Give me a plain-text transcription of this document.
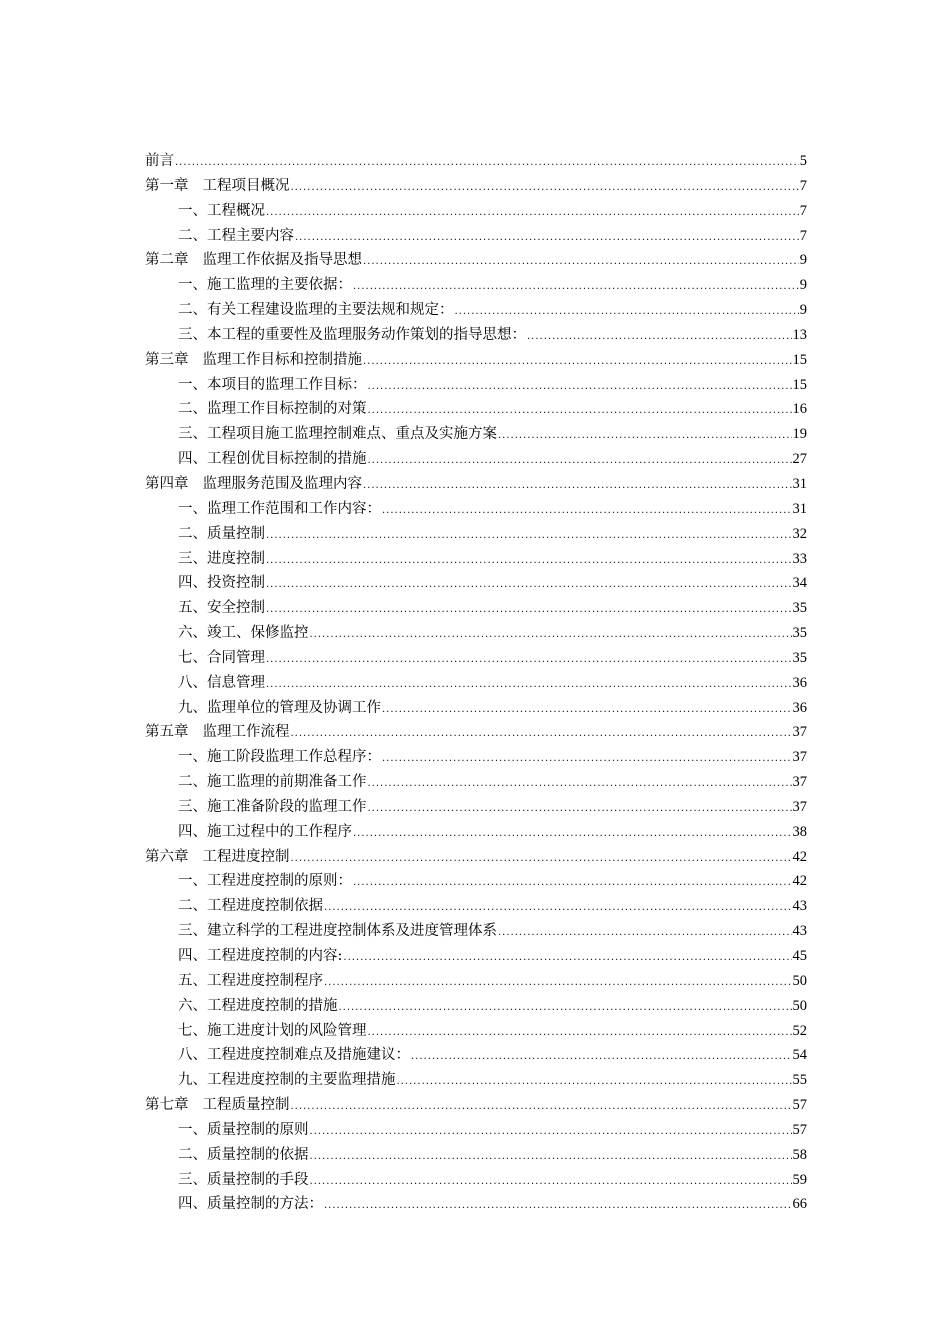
前言 .....	5
第一章 工程项目概况 .....	7
一、工程概况 .....	7
二、工程主要内容 .....	7
第二章 监理工作依据及指导思想 .....	9
一、施工监理的主要依据： .....	9
二、有关工程建设监理的主要法规和规定： .....	9
三、本工程的重要性及监理服务动作策划的指导思想： .....	13
第三章 监理工作目标和控制措施 .....	15
一、本项目的监理工作目标： .....	15
二、监理工作目标控制的对策 .....	16
三、工程项目施工监理控制难点、重点及实施方案 .....	19
四、工程创优目标控制的措施 .....	27
第四章 监理服务范围及监理内容 .....	31
一、监理工作范围和工作内容： .....	31
二、质量控制 .....	32
三、进度控制 .....	33
四、投资控制 .....	34
五、安全控制 .....	35
六、竣工、保修监控 .....	35
七、合同管理 .....	35
八、信息管理 .....	36
九、监理单位的管理及协调工作 .....	36
第五章 监理工作流程 .....	37
一、施工阶段监理工作总程序： .....	37
二、施工监理的前期准备工作 .....	37
三、施工准备阶段的监理工作 .....	37
四、施工过程中的工作程序 .....	38
第六章 工程进度控制 .....	42
一、工程进度控制的原则： .....	42
二、工程进度控制依据 .....	43
三、建立科学的工程进度控制体系及进度管理体系 .....	43
四、工程进度控制的内容: .....	45
五、工程进度控制程序 .....	50
六、工程进度控制的措施 .....	50
七、施工进度计划的风险管理 .....	52
八、工程进度控制难点及措施建议： .....	54
九、工程进度控制的主要监理措施 .....	55
第七章 工程质量控制 .....	57
一、质量控制的原则 .....	57
二、质量控制的依据 .....	58
三、质量控制的手段 .....	59
四、质量控制的方法： .....	66
